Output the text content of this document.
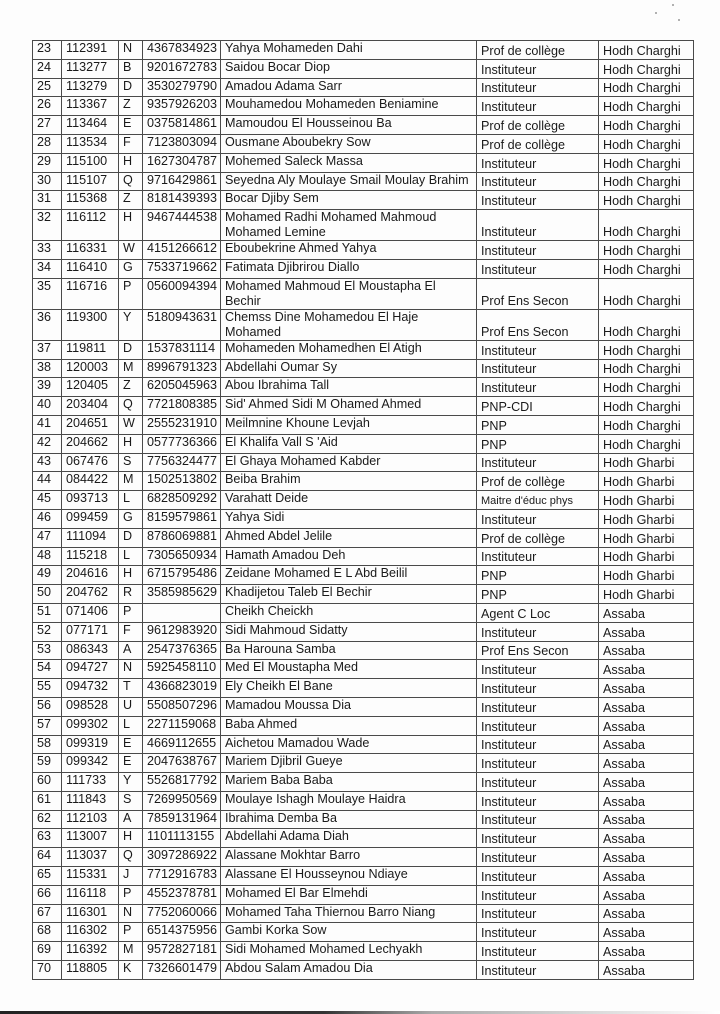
23	112391	N	4367834923	Yahya Mohameden Dahi	Prof de collège	Hodh Charghi
24	113277	B	9201672783	Saidou Bocar Diop	Instituteur	Hodh Charghi
25	113279	D	3530279790	Amadou Adama Sarr	Instituteur	Hodh Charghi
26	113367	Z	9357926203	Mouhamedou Mohameden Beniamine	Instituteur	Hodh Charghi
27	113464	E	0375814861	Mamoudou El Housseinou Ba	Prof de collège	Hodh Charghi
28	113534	F	7123803094	Ousmane Aboubekry Sow	Prof de collège	Hodh Charghi
29	115100	H	1627304787	Mohemed Saleck Massa	Instituteur	Hodh Charghi
30	115107	Q	9716429861	Seyedna Aly Moulaye Smail Moulay Brahim	Instituteur	Hodh Charghi
31	115368	Z	8181439393	Bocar Djiby Sem	Instituteur	Hodh Charghi
32	116112	H	9467444538	Mohamed Radhi Mohamed Mahmoud Mohamed Lemine	Instituteur	Hodh Charghi
33	116331	W	4151266612	Eboubekrine Ahmed Yahya	Instituteur	Hodh Charghi
34	116410	G	7533719662	Fatimata Djibrirou Diallo	Instituteur	Hodh Charghi
35	116716	P	0560094394	Mohamed Mahmoud El Moustapha El Bechir	Prof Ens Secon	Hodh Charghi
36	119300	Y	5180943631	Chemss Dine Mohamedou El Haje Mohamed	Prof Ens Secon	Hodh Charghi
37	119811	D	1537831114	Mohameden Mohamedhen El Atigh	Instituteur	Hodh Charghi
38	120003	M	8996791323	Abdellahi Oumar Sy	Instituteur	Hodh Charghi
39	120405	Z	6205045963	Abou Ibrahima Tall	Instituteur	Hodh Charghi
40	203404	Q	7721808385	Sid' Ahmed Sidi M Ohamed Ahmed	PNP-CDI	Hodh Charghi
41	204651	W	2555231910	Meilmnine Khoune Levjah	PNP	Hodh Charghi
42	204662	H	0577736366	El Khalifa Vall S 'Aid	PNP	Hodh Charghi
43	067476	S	7756324477	El Ghaya Mohamed Kabder	Instituteur	Hodh Gharbi
44	084422	M	1502513802	Beiba Brahim	Prof de collège	Hodh Gharbi
45	093713	L	6828509292	Varahatt Deide	Maitre d'éduc phys	Hodh Gharbi
46	099459	G	8159579861	Yahya Sidi	Instituteur	Hodh Gharbi
47	111094	D	8786069881	Ahmed Abdel Jelile	Prof de collège	Hodh Gharbi
48	115218	L	7305650934	Hamath Amadou Deh	Instituteur	Hodh Gharbi
49	204616	H	6715795486	Zeidane Mohamed E L Abd Beilil	PNP	Hodh Gharbi
50	204762	R	3585985629	Khadijetou Taleb El Bechir	PNP	Hodh Gharbi
51	071406	P		Cheikh Cheickh	Agent C Loc	Assaba
52	077171	F	9612983920	Sidi Mahmoud Sidatty	Instituteur	Assaba
53	086343	A	2547376365	Ba Harouna Samba	Prof Ens Secon	Assaba
54	094727	N	5925458110	Med El Moustapha Med	Instituteur	Assaba
55	094732	T	4366823019	Ely Cheikh El Bane	Instituteur	Assaba
56	098528	U	5508507296	Mamadou Moussa Dia	Instituteur	Assaba
57	099302	L	2271159068	Baba Ahmed	Instituteur	Assaba
58	099319	E	4669112655	Aichetou Mamadou Wade	Instituteur	Assaba
59	099342	E	2047638767	Mariem Djibril Gueye	Instituteur	Assaba
60	111733	Y	5526817792	Mariem Baba Baba	Instituteur	Assaba
61	111843	S	7269950569	Moulaye Ishagh Moulaye Haidra	Instituteur	Assaba
62	112103	A	7859131964	Ibrahima Demba Ba	Instituteur	Assaba
63	113007	H	1101113155	Abdellahi Adama Diah	Instituteur	Assaba
64	113037	Q	3097286922	Alassane Mokhtar Barro	Instituteur	Assaba
65	115331	J	7712916783	Alassane El Housseynou Ndiaye	Instituteur	Assaba
66	116118	P	4552378781	Mohamed El Bar Elmehdi	Instituteur	Assaba
67	116301	N	7752060066	Mohamed Taha Thiernou Barro Niang	Instituteur	Assaba
68	116302	P	6514375956	Gambi Korka Sow	Instituteur	Assaba
69	116392	M	9572827181	Sidi Mohamed Mohamed Lechyakh	Instituteur	Assaba
70	118805	K	7326601479	Abdou Salam Amadou Dia	Instituteur	Assaba
